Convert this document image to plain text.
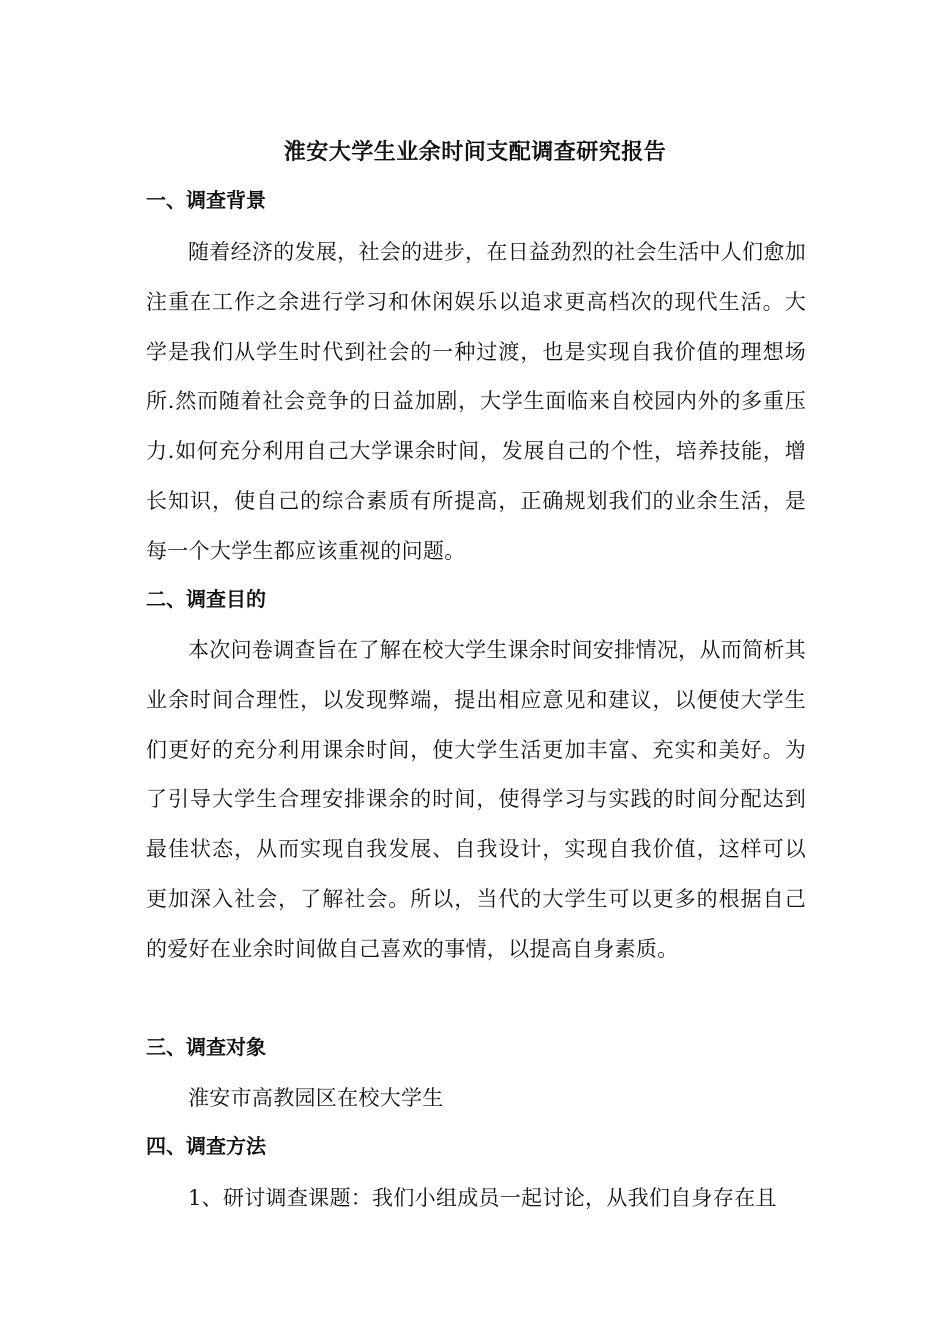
淮安大学生业余时间支配调查研究报告
一、调查背景

随着经济的发展，社会的进步，在日益劲烈的社会生活中人们愈加注重在工作之余进行学习和休闲娱乐以追求更高档次的现代生活。大学是我们从学生时代到社会的一种过渡，也是实现自我价值的理想场所.然而随着社会竞争的日益加剧，大学生面临来自校园内外的多重压力.如何充分利用自己大学课余时间，发展自己的个性，培养技能，增长知识，使自己的综合素质有所提高，正确规划我们的业余生活，是每一个大学生都应该重视的问题。

二、调查目的

本次问卷调查旨在了解在校大学生课余时间安排情况，从而简析其业余时间合理性，以发现弊端，提出相应意见和建议，以便使大学生们更好的充分利用课余时间，使大学生活更加丰富、充实和美好。为了引导大学生合理安排课余的时间，使得学习与实践的时间分配达到最佳状态，从而实现自我发展、自我设计，实现自我价值，这样可以更加深入社会，了解社会。所以，当代的大学生可以更多的根据自己的爱好在业余时间做自己喜欢的事情，以提高自身素质。

三、调查对象

淮安市高教园区在校大学生

四、调查方法

1、研讨调查课题：我们小组成员一起讨论，从我们自身存在且
